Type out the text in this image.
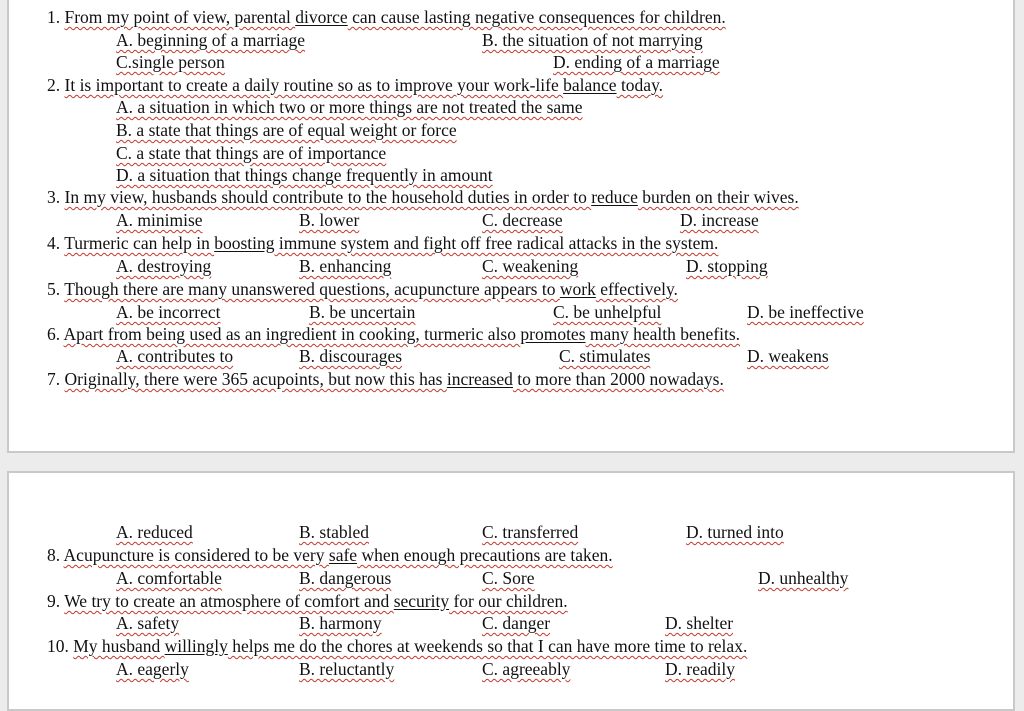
1. From my point of view, parental divorce can cause lasting negative consequences for children.
A. beginning of a marriage	B. the situation of not marrying
C.single person	D. ending of a marriage
2. It is important to create a daily routine so as to improve your work-life balance today.
A. a situation in which two or more things are not treated the same
B. a state that things are of equal weight or force
C. a state that things are of importance
D. a situation that things change frequently in amount
3. In my view, husbands should contribute to the household duties in order to reduce burden on their wives.
A. minimise	B. lower	C. decrease	D. increase
4. Turmeric can help in boosting immune system and fight off free radical attacks in the system.
A. destroying	B. enhancing	C. weakening	D. stopping
5. Though there are many unanswered questions, acupuncture appears to work effectively.
A. be incorrect	B. be uncertain	C. be unhelpful	D. be ineffective
6. Apart from being used as an ingredient in cooking, turmeric also promotes many health benefits.
A. contributes to	B. discourages	C. stimulates	D. weakens
7. Originally, there were 365 acupoints, but now this has increased to more than 2000 nowadays.
A. reduced	B. stabled	C. transferred	D. turned into
8. Acupuncture is considered to be very safe when enough precautions are taken.
A. comfortable	B. dangerous	C. Sore	D. unhealthy
9. We try to create an atmosphere of comfort and security for our children.
A. safety	B. harmony	C. danger	D. shelter
10. My husband willingly helps me do the chores at weekends so that I can have more time to relax.
A. eagerly	B. reluctantly	C. agreeably	D. readily
